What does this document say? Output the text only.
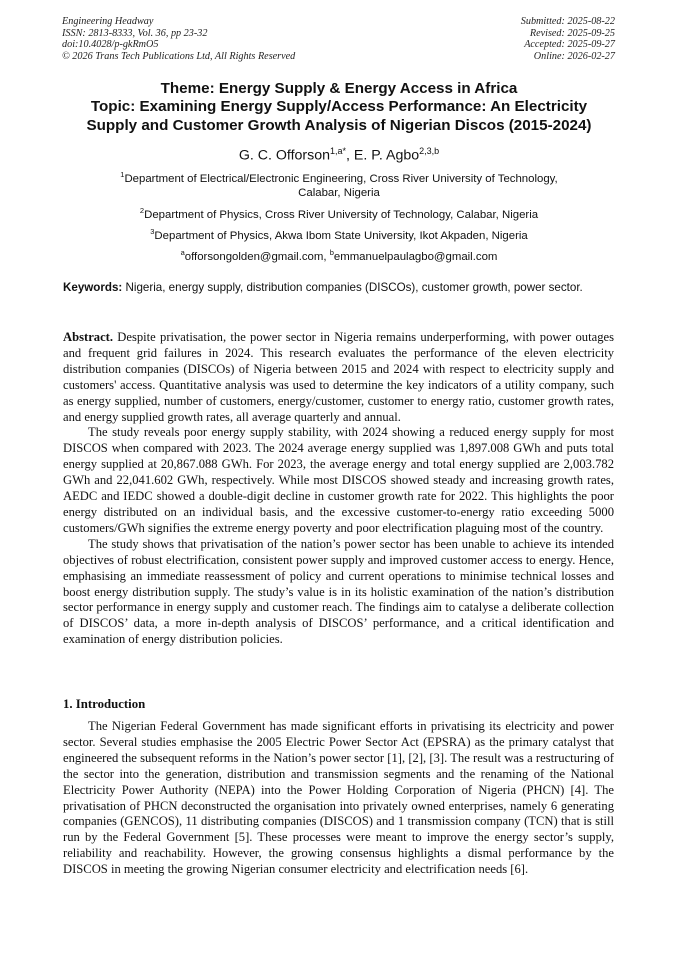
Engineering Headway
ISSN: 2813-8333, Vol. 36, pp 23-32
doi:10.4028/p-gkRmO5
© 2026 Trans Tech Publications Ltd, All Rights Reserved
Submitted: 2025-08-22
Revised: 2025-09-25
Accepted: 2025-09-27
Online: 2026-02-27
Theme: Energy Supply & Energy Access in Africa
Topic: Examining Energy Supply/Access Performance: An Electricity
Supply and Customer Growth Analysis of Nigerian Discos (2015-2024)
G. C. Offorson$^{1,a*}$, E. P. Agbo$^{2,3,b}$
$^1$Department of Electrical/Electronic Engineering, Cross River University of Technology,
Calabar, Nigeria
$^2$Department of Physics, Cross River University of Technology, Calabar, Nigeria
$^3$Department of Physics, Akwa Ibom State University, Ikot Akpaden, Nigeria
$^a$offorsongolden@gmail.com, $^b$emmanuelpaulagbo@gmail.com
Keywords: Nigeria, energy supply, distribution companies (DISCOs), customer growth, power sector.

Abstract. Despite privatisation, the power sector in Nigeria remains underperforming, with power outages and frequent grid failures in 2024. This research evaluates the performance of the eleven electricity distribution companies (DISCOs) of Nigeria between 2015 and 2024 with respect to electricity supply and customers' access. Quantitative analysis was used to determine the key indicators of a utility company, such as energy supplied, number of customers, energy/customer, customer to energy ratio, customer growth rates, and energy supplied growth rates, all average quarterly and annual.

The study reveals poor energy supply stability, with 2024 showing a reduced energy supply for most DISCOS when compared with 2023. The 2024 average energy supplied was 1,897.008 GWh and puts total energy supplied at 20,867.088 GWh. For 2023, the average energy and total energy supplied are 2,003.782 GWh and 22,041.602 GWh, respectively. While most DISCOS showed steady and increasing growth rates, AEDC and IEDC showed a double-digit decline in customer growth rate for 2022. This highlights the poor energy distributed on an individual basis, and the excessive customer-to-energy ratio exceeding 5000 customers/GWh signifies the extreme energy poverty and poor electrification plaguing most of the country.

The study shows that privatisation of the nation’s power sector has been unable to achieve its intended objectives of robust electrification, consistent power supply and improved customer access to energy. Hence, emphasising an immediate reassessment of policy and current operations to minimise technical losses and boost energy distribution supply. The study’s value is in its holistic examination of the nation’s distribution sector performance in energy supply and customer reach. The findings aim to catalyse a deliberate collection of DISCOS’ data, a more in-depth analysis of DISCOS’ performance, and a critical identification and examination of energy distribution policies.

1. Introduction

The Nigerian Federal Government has made significant efforts in privatising its electricity and power sector. Several studies emphasise the 2005 Electric Power Sector Act (EPSRA) as the primary catalyst that engineered the subsequent reforms in the Nation’s power sector [1], [2], [3]. The result was a restructuring of the sector into the generation, distribution and transmission segments and the renaming of the National Electricity Power Authority (NEPA) into the Power Holding Corporation of Nigeria (PHCN) [4]. The privatisation of PHCN deconstructed the organisation into privately owned enterprises, namely 6 generating companies (GENCOS), 11 distributing companies (DISCOS) and 1 transmission company (TCN) that is still run by the Federal Government [5]. These processes were meant to improve the energy sector’s supply, reliability and reachability. However, the growing consensus highlights a dismal performance by the DISCOS in meeting the growing Nigerian consumer electricity and electrification needs [6].
